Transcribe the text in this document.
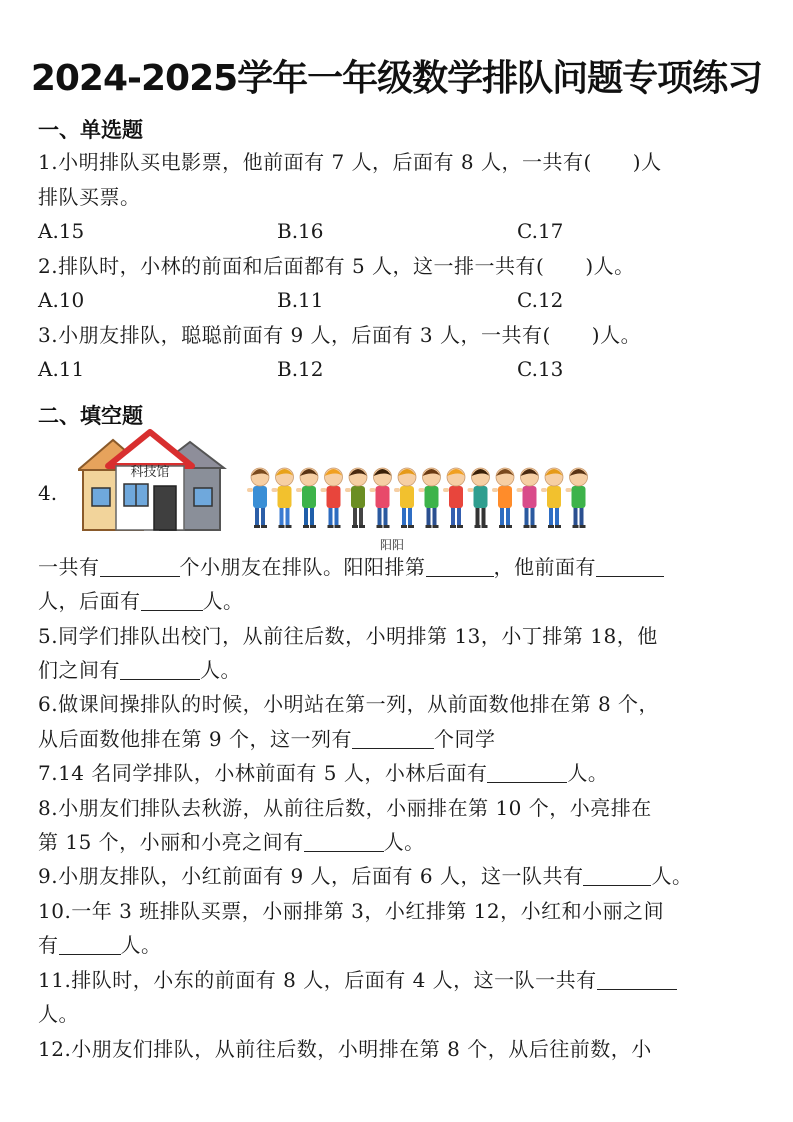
2024-2025学年一年级数学排队问题专项练习
一、单选题
1.小明排队买电影票，他前面有 7 人，后面有 8 人，一共有(　　)人
排队买票。
A.15	B.16	C.17
2.排队时，小林的前面和后面都有 5 人，这一排一共有(　　)人。
A.10	B.11	C.12
3.小朋友排队，聪聪前面有 9 人，后面有 3 人，一共有(　　)人。
A.11	B.12	C.13
二、填空题
4.
科技馆
阳阳
一共有	个小朋友在排队。阳阳排第	，他前面有
人，后面有	人。
5.同学们排队出校门，从前往后数，小明排第 13，小丁排第 18，他
们之间有	人。
6.做课间操排队的时候，小明站在第一列，从前面数他排在第 8 个，
从后面数他排在第 9 个，这一列有	个同学
7.14 名同学排队，小林前面有 5 人，小林后面有	人。
8.小朋友们排队去秋游，从前往后数，小丽排在第 10 个，小亮排在
第 15 个，小丽和小亮之间有	人。
9.小朋友排队，小红前面有 9 人，后面有 6 人，这一队共有	人。
10.一年 3 班排队买票，小丽排第 3，小红排第 12，小红和小丽之间
有	人。
11.排队时，小东的前面有 8 人，后面有 4 人，这一队一共有
人。
12.小朋友们排队，从前往后数，小明排在第 8 个，从后往前数，小
